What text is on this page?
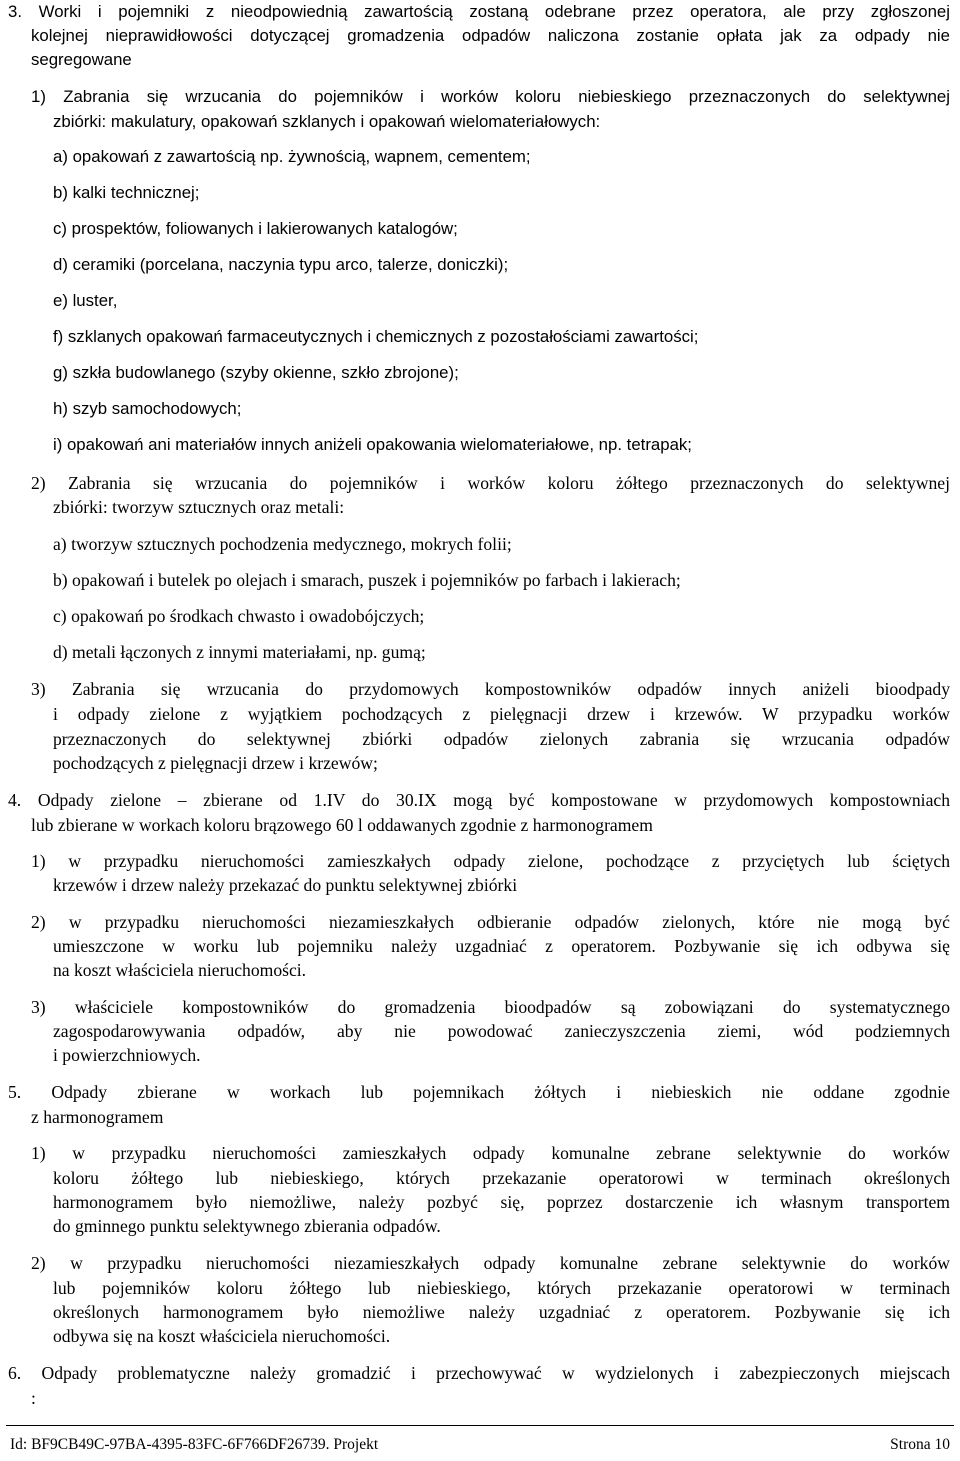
3. Worki i pojemniki z nieodpowiednią zawartością zostaną odebrane przez operatora, ale przy zgłoszonej

kolejnej nieprawidłowości dotyczącej gromadzenia odpadów naliczona zostanie opłata jak za odpady nie

segregowane

1) Zabrania się wrzucania do pojemników i worków koloru niebieskiego przeznaczonych do selektywnej

zbiórki: makulatury, opakowań szklanych i opakowań wielomateriałowych:

a) opakowań z zawartością np. żywnością, wapnem, cementem;

b) kalki technicznej;

c) prospektów, foliowanych i lakierowanych katalogów;

d) ceramiki (porcelana, naczynia typu arco, talerze, doniczki);

e) luster,

f) szklanych opakowań farmaceutycznych i chemicznych z pozostałościami zawartości;

g) szkła budowlanego (szyby okienne, szkło zbrojone);

h) szyb samochodowych;

i) opakowań ani materiałów innych aniżeli opakowania wielomateriałowe, np. tetrapak;

2) Zabrania się wrzucania do pojemników i worków koloru żółtego przeznaczonych do selektywnej

zbiórki: tworzyw sztucznych oraz metali:

a) tworzyw sztucznych pochodzenia medycznego, mokrych folii;

b) opakowań i butelek po olejach i smarach, puszek i pojemników po farbach i lakierach;

c) opakowań po środkach chwasto i owadobójczych;

d) metali łączonych z innymi materiałami, np. gumą;

3) Zabrania się wrzucania do przydomowych kompostowników odpadów innych aniżeli bioodpady

i odpady zielone z wyjątkiem pochodzących z pielęgnacji drzew i krzewów. W przypadku worków

przeznaczonych do selektywnej zbiórki odpadów zielonych zabrania się wrzucania odpadów

pochodzących z pielęgnacji drzew i krzewów;

4. Odpady zielone – zbierane od 1.IV do 30.IX mogą być kompostowane w przydomowych kompostowniach

lub zbierane w workach koloru brązowego 60 l oddawanych zgodnie z harmonogramem

1) w przypadku nieruchomości zamieszkałych odpady zielone, pochodzące z przyciętych lub ściętych

krzewów i drzew należy przekazać do punktu selektywnej zbiórki

2) w przypadku nieruchomości niezamieszkałych odbieranie odpadów zielonych, które nie mogą być

umieszczone w worku lub pojemniku należy uzgadniać z operatorem. Pozbywanie się ich odbywa się

na koszt właściciela nieruchomości.

3) właściciele kompostowników do gromadzenia bioodpadów są zobowiązani do systematycznego

zagospodarowywania odpadów, aby nie powodować zanieczyszczenia ziemi, wód podziemnych

i powierzchniowych.

5. Odpady zbierane w workach lub pojemnikach żółtych i niebieskich nie oddane zgodnie

z harmonogramem

1) w przypadku nieruchomości zamieszkałych odpady komunalne zebrane selektywnie do worków

koloru żółtego lub niebieskiego, których przekazanie operatorowi w terminach określonych

harmonogramem było niemożliwe, należy pozbyć się, poprzez dostarczenie ich własnym transportem

do gminnego punktu selektywnego zbierania odpadów.

2) w przypadku nieruchomości niezamieszkałych odpady komunalne zebrane selektywnie do worków

lub pojemników koloru żółtego lub niebieskiego, których przekazanie operatorowi w terminach

określonych harmonogramem było niemożliwe należy uzgadniać z operatorem. Pozbywanie się ich

odbywa się na koszt właściciela nieruchomości.

6. Odpady problematyczne należy gromadzić i przechowywać w wydzielonych i zabezpieczonych miejscach

:

Id: BF9CB49C-97BA-4395-83FC-6F766DF26739. Projekt	Strona 10
